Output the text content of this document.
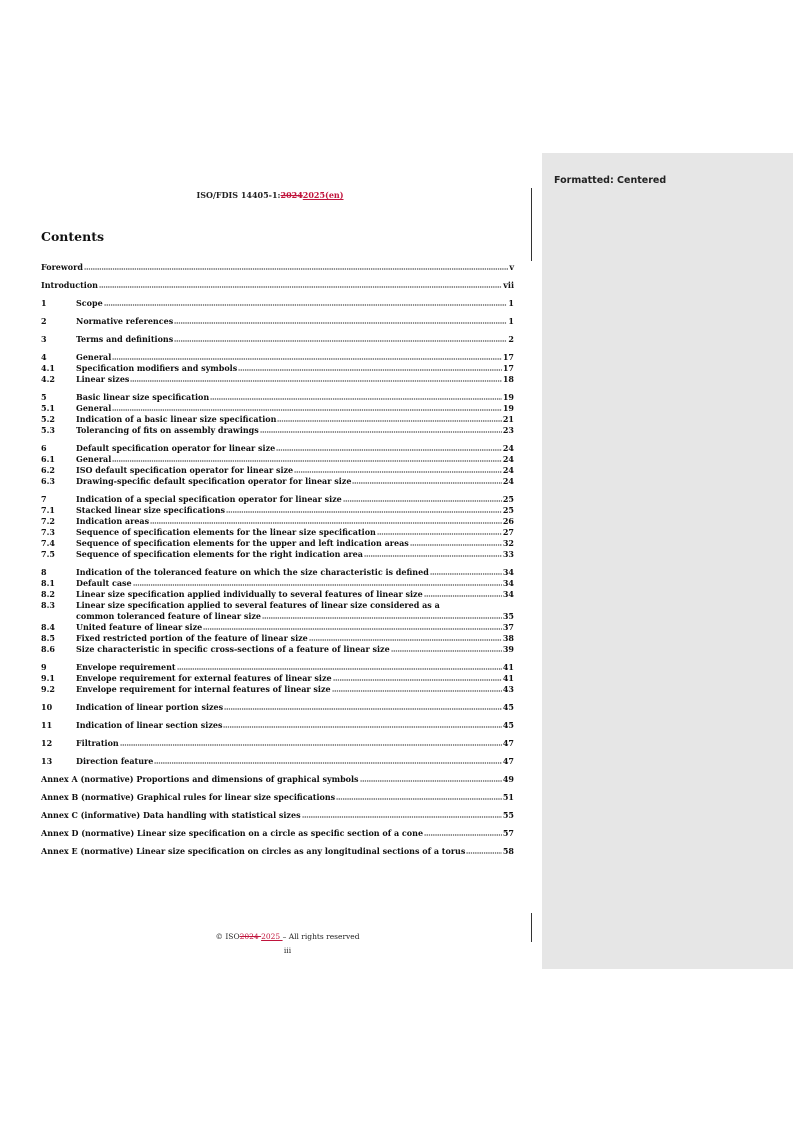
Formatted: Centered
ISO/FDIS 14405-1:20242025(en)
Contents
Foreword	v
Introduction	vii
1	Scope	1
2	Normative references	1
3	Terms and definitions	2
4	General	17
4.1	Specification modifiers and symbols	17
4.2	Linear sizes	18
5	Basic linear size specification	19
5.1	General	19
5.2	Indication of a basic linear size specification	21
5.3	Tolerancing of fits on assembly drawings	23
6	Default specification operator for linear size	24
6.1	General	24
6.2	ISO default specification operator for linear size	24
6.3	Drawing-specific default specification operator for linear size	24
7	Indication of a special specification operator for linear size	25
7.1	Stacked linear size specifications	25
7.2	Indication areas	26
7.3	Sequence of specification elements for the linear size specification	27
7.4	Sequence of specification elements for the upper and left indication areas	32
7.5	Sequence of specification elements for the right indication area	33
8	Indication of the toleranced feature on which the size characteristic is defined	34
8.1	Default case	34
8.2	Linear size specification applied individually to several features of linear size	34
8.3	Linear size specification applied to several features of linear size considered as a
common toleranced feature of linear size	35
8.4	United feature of linear size	37
8.5	Fixed restricted portion of the feature of linear size	38
8.6	Size characteristic in specific cross-sections of a feature of linear size	39
9	Envelope requirement	41
9.1	Envelope requirement for external features of linear size	41
9.2	Envelope requirement for internal features of linear size	43
10	Indication of linear portion sizes	45
11	Indication of linear section sizes	45
12	Filtration	47
13	Direction feature	47
Annex A (normative) Proportions and dimensions of graphical symbols	49
Annex B (normative) Graphical rules for linear size specifications	51
Annex C (informative) Data handling with statistical sizes	55
Annex D (normative) Linear size specification on a circle as specific section of a cone	57
Annex E (normative) Linear size specification on circles as any longitudinal sections of a torus	58
© ISO2024 2025 – All rights reserved
iii
